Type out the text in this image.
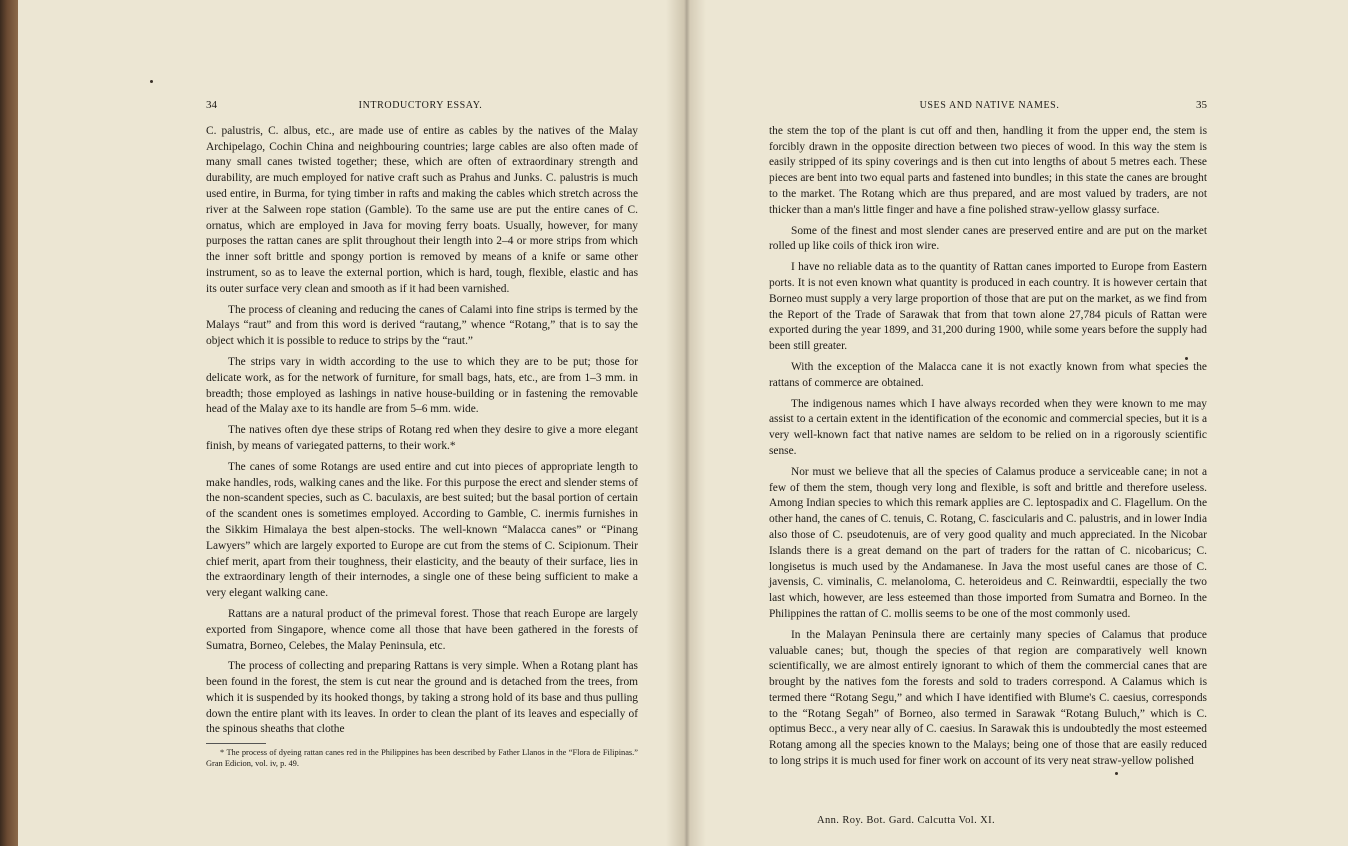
34	INTRODUCTORY ESSAY.

C. palustris, C. albus, etc., are made use of entire as cables by the natives of the Malay Archipelago, Cochin China and neighbouring countries; large cables are also often made of many small canes twisted together; these, which are often of extraordinary strength and durability, are much employed for native craft such as Prahus and Junks. C. palustris is much used entire, in Burma, for tying timber in rafts and making the cables which stretch across the river at the Salween rope station (Gamble). To the same use are put the entire canes of C. ornatus, which are employed in Java for moving ferry boats. Usually, however, for many purposes the rattan canes are split throughout their length into 2–4 or more strips from which the inner soft brittle and spongy portion is removed by means of a knife or same other instrument, so as to leave the external portion, which is hard, tough, flexible, elastic and has its outer surface very clean and smooth as if it had been varnished.

The process of cleaning and reducing the canes of Calami into fine strips is termed by the Malays “raut” and from this word is derived “rautang,” whence “Rotang,” that is to say the object which it is possible to reduce to strips by the “raut.”

The strips vary in width according to the use to which they are to be put; those for delicate work, as for the network of furniture, for small bags, hats, etc., are from 1–3 mm. in breadth; those employed as lashings in native house-building or in fastening the removable head of the Malay axe to its handle are from 5–6 mm. wide.

The natives often dye these strips of Rotang red when they desire to give a more elegant finish, by means of variegated patterns, to their work.*

The canes of some Rotangs are used entire and cut into pieces of appropriate length to make handles, rods, walking canes and the like. For this purpose the erect and slender stems of the non-scandent species, such as C. baculaxis, are best suited; but the basal portion of certain of the scandent ones is sometimes employed. According to Gamble, C. inermis furnishes in the Sikkim Himalaya the best alpen-stocks. The well-known “Malacca canes” or “Pinang Lawyers” which are largely exported to Europe are cut from the stems of C. Scipionum. Their chief merit, apart from their toughness, their elasticity, and the beauty of their surface, lies in the extraordinary length of their internodes, a single one of these being sufficient to make a very elegant walking cane.

Rattans are a natural product of the primeval forest. Those that reach Europe are largely exported from Singapore, whence come all those that have been gathered in the forests of Sumatra, Borneo, Celebes, the Malay Peninsula, etc.

The process of collecting and preparing Rattans is very simple. When a Rotang plant has been found in the forest, the stem is cut near the ground and is detached from the trees, from which it is suspended by its hooked thongs, by taking a strong hold of its base and thus pulling down the entire plant with its leaves. In order to clean the plant of its leaves and especially of the spinous sheaths that clothe

* The process of dyeing rattan canes red in the Philippines has been described by Father Llanos in the “Flora de Filipinas.” Gran Edicion, vol. iv, p. 49.

USES AND NATIVE NAMES.	35

the stem the top of the plant is cut off and then, handling it from the upper end, the stem is forcibly drawn in the opposite direction between two pieces of wood. In this way the stem is easily stripped of its spiny coverings and is then cut into lengths of about 5 metres each. These pieces are bent into two equal parts and fastened into bundles; in this state the canes are brought to the market. The Rotang which are thus prepared, and are most valued by traders, are not thicker than a man's little finger and have a fine polished straw-yellow glassy surface.

Some of the finest and most slender canes are preserved entire and are put on the market rolled up like coils of thick iron wire.

I have no reliable data as to the quantity of Rattan canes imported to Europe from Eastern ports. It is not even known what quantity is produced in each country. It is however certain that Borneo must supply a very large proportion of those that are put on the market, as we find from the Report of the Trade of Sarawak that from that town alone 27,784 piculs of Rattan were exported during the year 1899, and 31,200 during 1900, while some years before the supply had been still greater.

With the exception of the Malacca cane it is not exactly known from what species the rattans of commerce are obtained.

The indigenous names which I have always recorded when they were known to me may assist to a certain extent in the identification of the economic and commercial species, but it is a very well-known fact that native names are seldom to be relied on in a rigorously scientific sense.

Nor must we believe that all the species of Calamus produce a serviceable cane; in not a few of them the stem, though very long and flexible, is soft and brittle and therefore useless. Among Indian species to which this remark applies are C. leptospadix and C. Flagellum. On the other hand, the canes of C. tenuis, C. Rotang, C. fascicularis and C. palustris, and in lower India also those of C. pseudotenuis, are of very good quality and much appreciated. In the Nicobar Islands there is a great demand on the part of traders for the rattan of C. nicobaricus; C. longisetus is much used by the Andamanese. In Java the most useful canes are those of C. javensis, C. viminalis, C. melanoloma, C. heteroideus and C. Reinwardtii, especially the two last which, however, are less esteemed than those imported from Sumatra and Borneo. In the Philippines the rattan of C. mollis seems to be one of the most commonly used.

In the Malayan Peninsula there are certainly many species of Calamus that produce valuable canes; but, though the species of that region are comparatively well known scientifically, we are almost entirely ignorant to which of them the commercial canes that are brought by the natives fom the forests and sold to traders correspond. A Calamus which is termed there “Rotang Segu,” and which I have identified with Blume's C. caesius, corresponds to the “Rotang Segah” of Borneo, also termed in Sarawak “Rotang Buluch,” which is C. optimus Becc., a very near ally of C. caesius. In Sarawak this is undoubtedly the most esteemed Rotang among all the species known to the Malays; being one of those that are easily reduced to long strips it is much used for finer work on account of its very neat straw-yellow polished

Ann. Roy. Bot. Gard. Calcutta Vol. XI.
